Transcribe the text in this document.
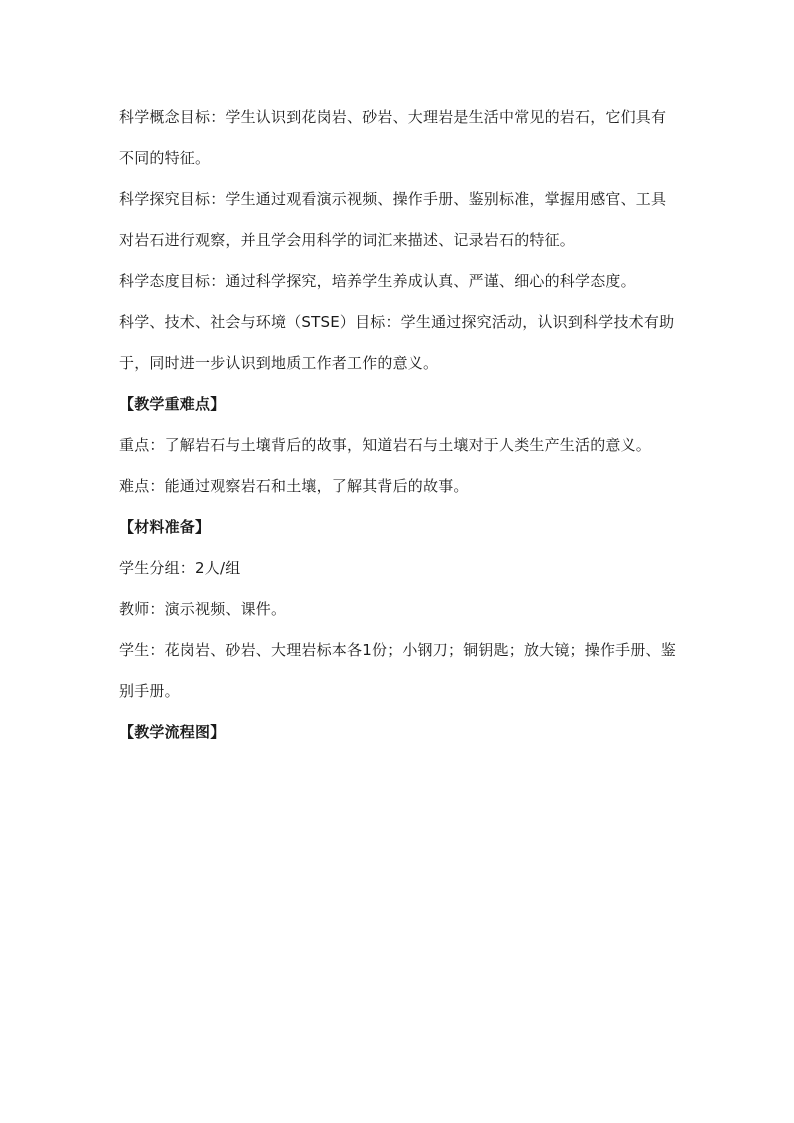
科学概念目标：学生认识到花岗岩、砂岩、大理岩是生活中常见的岩石，它们具有不同的特征。

科学探究目标：学生通过观看演示视频、操作手册、鉴别标准，掌握用感官、工具对岩石进行观察，并且学会用科学的词汇来描述、记录岩石的特征。

科学态度目标：通过科学探究，培养学生养成认真、严谨、细心的科学态度。

科学、技术、社会与环境（STSE）目标：学生通过探究活动，认识到科学技术有助于，同时进一步认识到地质工作者工作的意义。

【教学重难点】

重点：了解岩石与土壤背后的故事，知道岩石与土壤对于人类生产生活的意义。

难点：能通过观察岩石和土壤，了解其背后的故事。

【材料准备】

学生分组：2人/组

教师：演示视频、课件。

学生：花岗岩、砂岩、大理岩标本各1份；小钢刀；铜钥匙；放大镜；操作手册、鉴别手册。

【教学流程图】
